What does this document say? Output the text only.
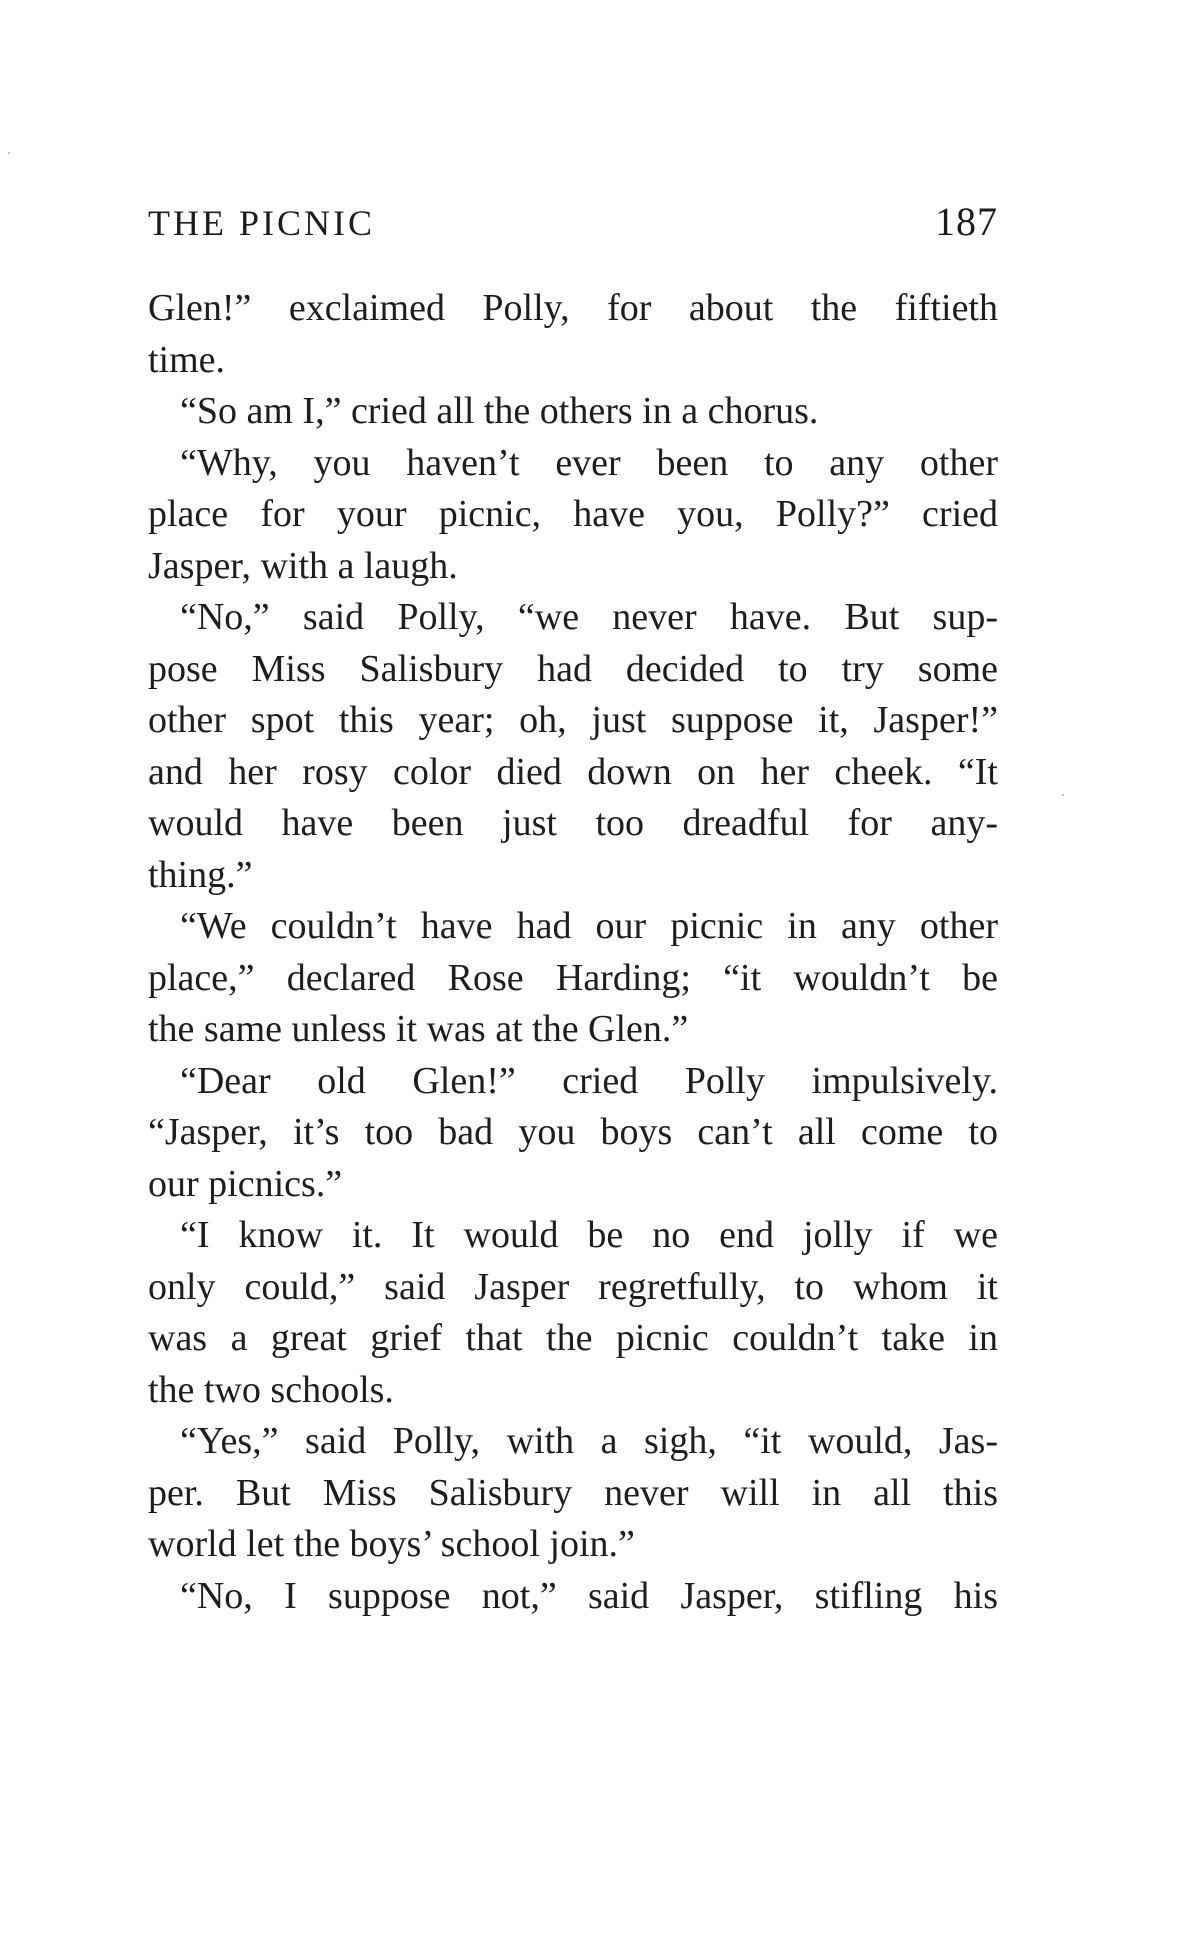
THE PICNIC	187
Glen!” exclaimed Polly, for about the fiftieth
time.
“So am I,” cried all the others in a chorus.
“Why, you haven’t ever been to any other
place for your picnic, have you, Polly?” cried
Jasper, with a laugh.
“No,” said Polly, “we never have. But sup-
pose Miss Salisbury had decided to try some
other spot this year; oh, just suppose it, Jasper!”
and her rosy color died down on her cheek. “It
would have been just too dreadful for any-
thing.”
“We couldn’t have had our picnic in any other
place,” declared Rose Harding; “it wouldn’t be
the same unless it was at the Glen.”
“Dear old Glen!” cried Polly impulsively.
“Jasper, it’s too bad you boys can’t all come to
our picnics.”
“I know it. It would be no end jolly if we
only could,” said Jasper regretfully, to whom it
was a great grief that the picnic couldn’t take in
the two schools.
“Yes,” said Polly, with a sigh, “it would, Jas-
per. But Miss Salisbury never will in all this
world let the boys’ school join.”
“No, I suppose not,” said Jasper, stifling his
